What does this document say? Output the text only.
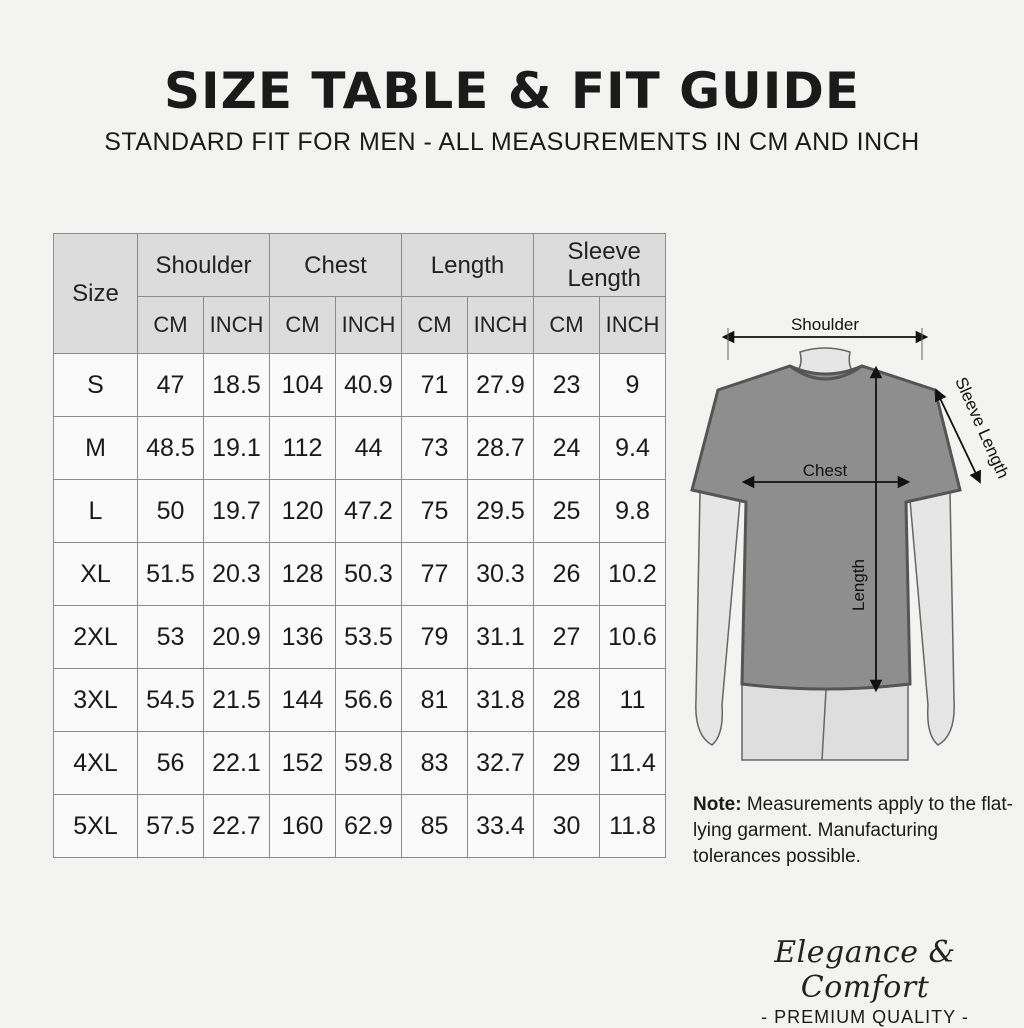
SIZE TABLE & FIT GUIDE

STANDARD FIT FOR MEN - ALL MEASUREMENTS IN CM AND INCH

Size	Shoulder		Chest		Length		Sleeve Length	
	CM	INCH	CM	INCH	CM	INCH	CM	INCH
S	47	18.5	104	40.9	71	27.9	23	9
M	48.5	19.1	112	44	73	28.7	24	9.4
L	50	19.7	120	47.2	75	29.5	25	9.8
XL	51.5	20.3	128	50.3	77	30.3	26	10.2
2XL	53	20.9	136	53.5	79	31.1	27	10.6
3XL	54.5	21.5	144	56.6	81	31.8	28	11
4XL	56	22.1	152	59.8	83	32.7	29	11.4
5XL	57.5	22.7	160	62.9	85	33.4	30	11.8
Shoulder
Chest
Length
Sleeve Length
Note: Measurements apply to the flat-lying garment. Manufacturing tolerances possible.
Elegance & Comfort
- PREMIUM QUALITY -
